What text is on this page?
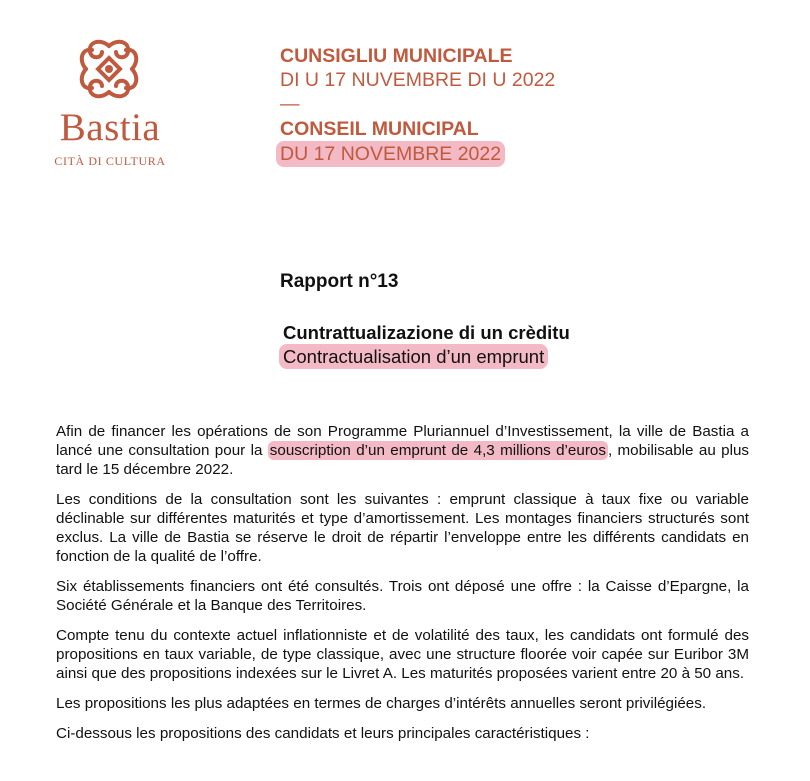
Bastia
CITÀ DI CULTURA
CUNSIGLIU MUNICIPALE
DI U 17 NUVEMBRE DI U 2022
—
CONSEIL MUNICIPAL
DU 17 NOVEMBRE 2022
Rapport n°13
Cuntrattualizazione di un crèditu
Contractualisation d’un emprunt

Afin de financer les opérations de son Programme Pluriannuel d’Investissement, la ville de Bastia a lancé une consultation pour la souscription d’un emprunt de 4,3 millions d’euros , mobilisable au plus tard le 15 décembre 2022.

Les conditions de la consultation sont les suivantes : emprunt classique à taux fixe ou variable déclinable sur différentes maturités et type d’amortissement. Les montages financiers structurés sont exclus. La ville de Bastia se réserve le droit de répartir l’enveloppe entre les différents candidats en fonction de la qualité de l’offre.

Six établissements financiers ont été consultés. Trois ont déposé une offre : la Caisse d’Epargne, la Société Générale et la Banque des Territoires.

Compte tenu du contexte actuel inflationniste et de volatilité des taux, les candidats ont formulé des propositions en taux variable, de type classique, avec une structure floorée voir capée sur Euribor 3M ainsi que des propositions indexées sur le Livret A. Les maturités proposées varient entre 20 à 50 ans.

Les propositions les plus adaptées en termes de charges d’intérêts annuelles seront privilégiées.

Ci-dessous les propositions des candidats et leurs principales caractéristiques :
